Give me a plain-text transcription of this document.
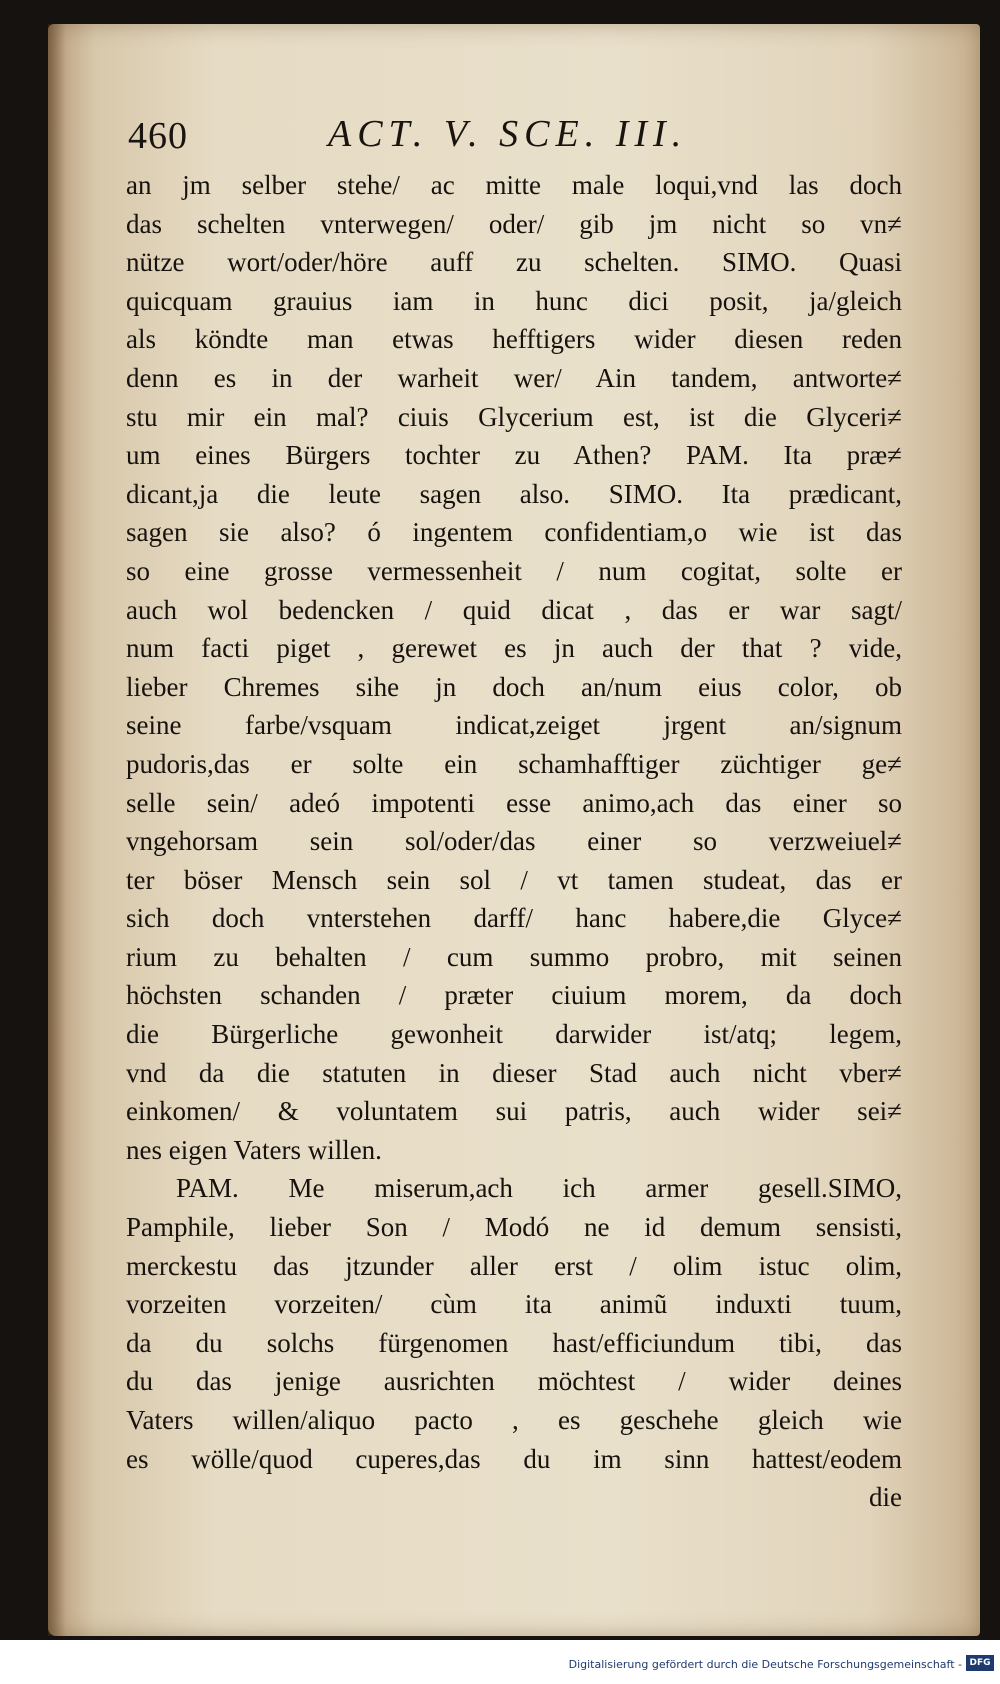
460	ACT. V. SCE. III.
an jm selber stehe/ ac mitte male loqui,vnd las doch
das schelten vnterwegen/ oder/ gib jm nicht so vn≠
nütze wort/oder/höre auff zu schelten. SIMO. Quasi
quicquam grauius iam in hunc dici posit, ja/gleich
als köndte man etwas hefftigers wider diesen reden
denn es in der warheit wer/ Ain tandem, antworte≠
stu mir ein mal? ciuis Glycerium est, ist die Glyceri≠
um eines Bürgers tochter zu Athen? PAM. Ita præ≠
dicant,ja die leute sagen also. SIMO. Ita prædicant,
sagen sie also? ó ingentem confidentiam,o wie ist das
so eine grosse vermessenheit / num cogitat, solte er
auch wol bedencken / quid dicat , das er war sagt/
num facti piget , gerewet es jn auch der that ? vide,
lieber Chremes sihe jn doch an/num eius color, ob
seine farbe/vsquam indicat,zeiget jrgent an/signum
pudoris,das er solte ein schamhafftiger züchtiger ge≠
selle sein/ adeó impotenti esse animo,ach das einer so
vngehorsam sein sol/oder/das einer so verzweiuel≠
ter böser Mensch sein sol / vt tamen studeat, das er
sich doch vnterstehen darff/ hanc habere,die Glyce≠
rium zu behalten / cum summo probro, mit seinen
höchsten schanden / præter ciuium morem, da doch
die Bürgerliche gewonheit darwider ist/atq; legem,
vnd da die statuten in dieser Stad auch nicht vber≠
einkomen/ & voluntatem sui patris, auch wider sei≠
nes eigen Vaters willen.
PAM. Me miserum,ach ich armer gesell.SIMO,
Pamphile, lieber Son / Modó ne id demum sensisti,
merckestu das jtzunder aller erst / olim istuc olim,
vorzeiten vorzeiten/ cùm ita animũ induxti tuum,
da du solchs fürgenomen hast/efficiundum tibi, das
du das jenige ausrichten möchtest / wider deines
Vaters willen/aliquo pacto , es geschehe gleich wie
es wölle/quod cuperes,das du im sinn hattest/eodem
die
Digitalisierung gefördert durch die Deutsche Forschungsgemeinschaft - DFG
